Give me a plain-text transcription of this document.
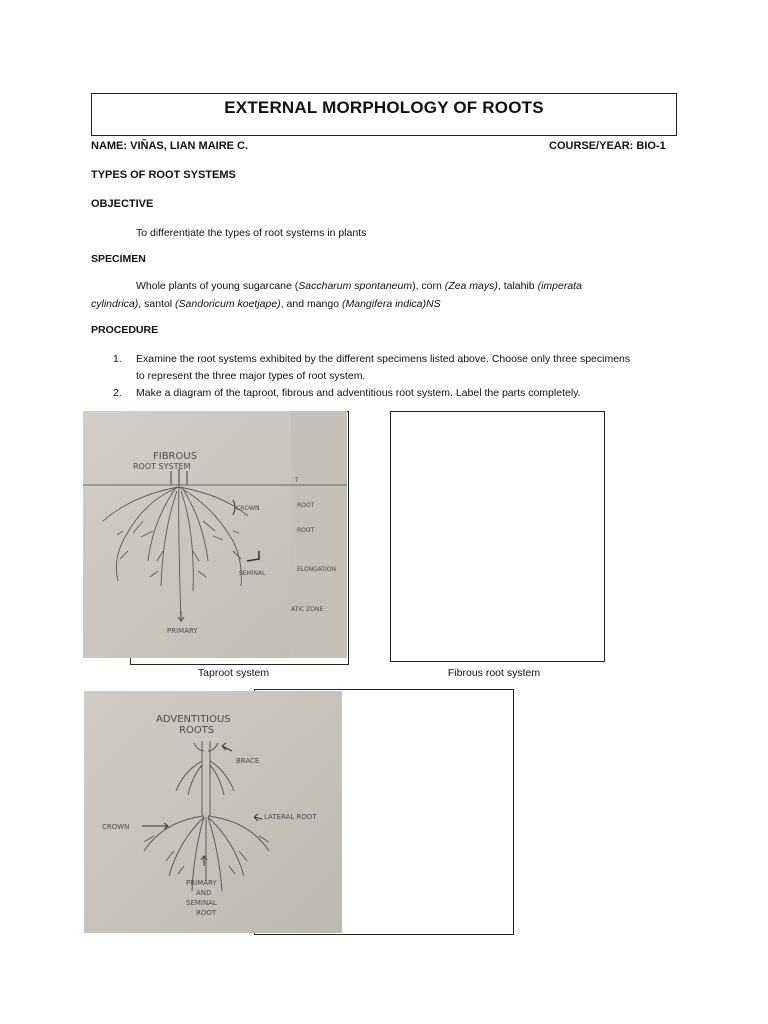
EXTERNAL MORPHOLOGY OF ROOTS
NAME: VIÑAS, LIAN MAIRE C.	COURSE/YEAR: BIO-1
TYPES OF ROOT SYSTEMS
OBJECTIVE
To differentiate the types of root systems in plants
SPECIMEN
Whole plants of young sugarcane (Saccharum spontaneum), corn (Zea mays), talahib (imperata
cylindrica), santol (Sandoricum koetjape), and mango (Mangifera indica)NS
PROCEDURE
1. Examine the root systems exhibited by the different specimens listed above. Choose only three specimens
to represent the three major types of root system.
2. Make a diagram of the taproot, fibrous and adventitious root system. Label the parts completely.
FIBROUS
ROOT SYSTEM
CROWN
SEMINAL
PRIMARY
T
ROOT
ROOT
ELONGATION
ATIC ZONE
Taproot system	Fibrous root system
ADVENTITIOUS
ROOTS
BRACE
CROWN
LATERAL ROOT
PRIMARY
AND
SEMINAL
ROOT
